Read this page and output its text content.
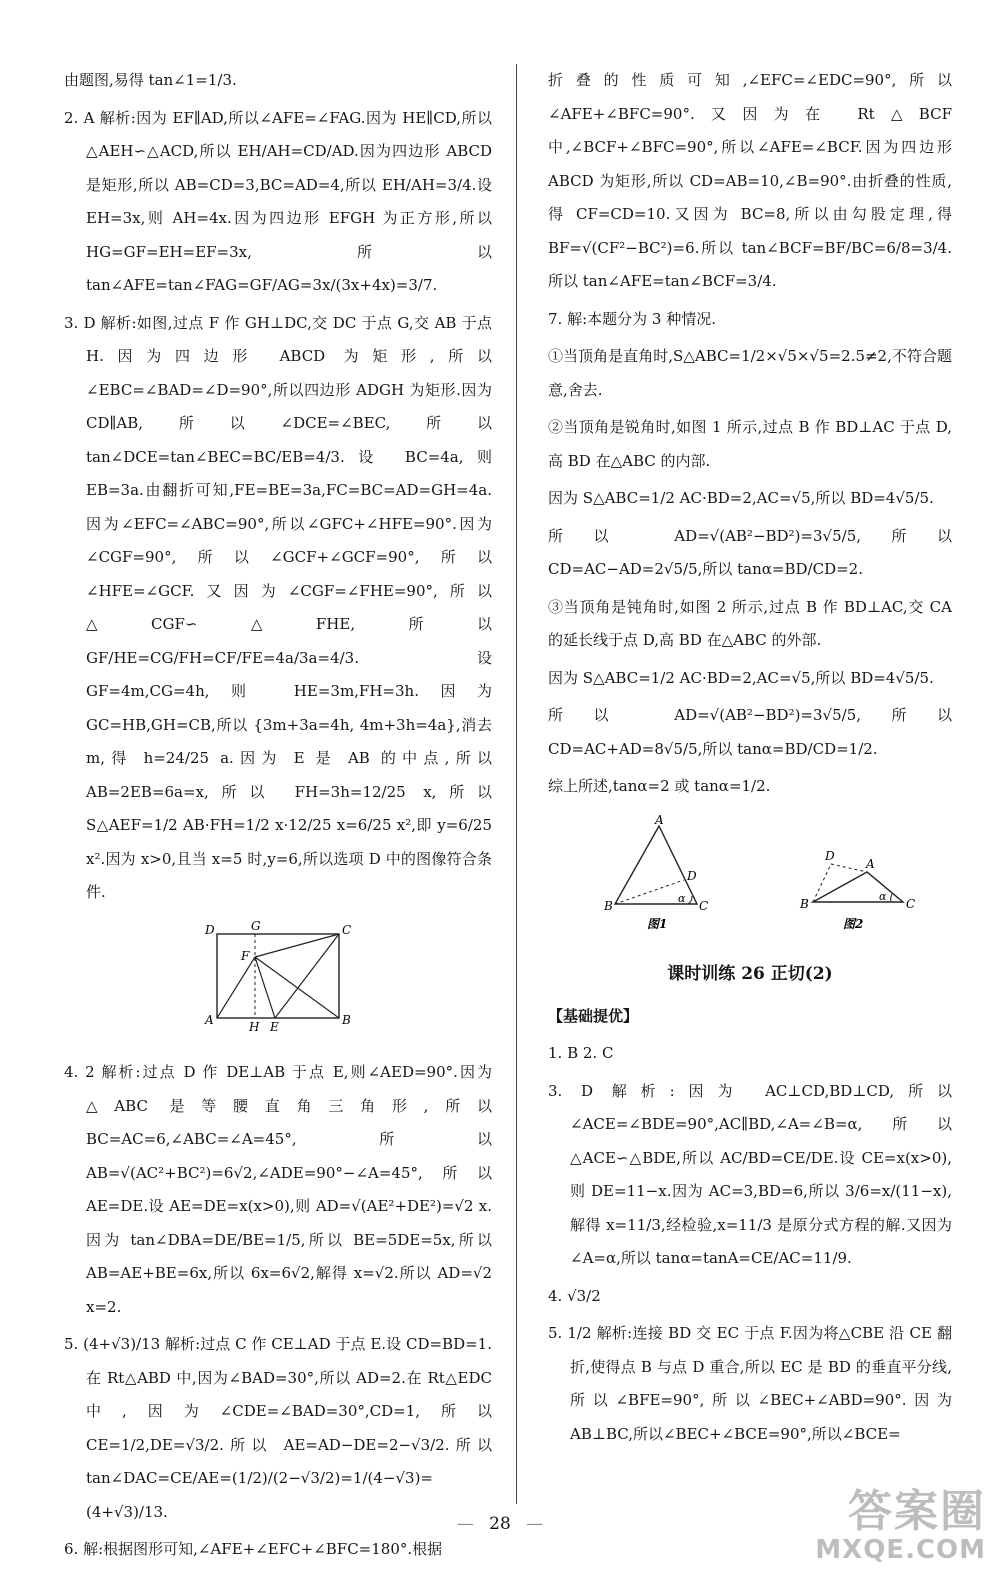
由题图,易得 tan∠1=1/3.

2. A 解析:因为 EF∥AD,所以∠AFE=∠FAG.因为 HE∥CD,所以△AEH∽△ACD,所以 EH/AH=CD/AD.因为四边形 ABCD 是矩形,所以 AB=CD=3,BC=AD=4,所以 EH/AH=3/4.设 EH=3x,则 AH=4x.因为四边形 EFGH 为正方形,所以 HG=GF=EH=EF=3x,所以 tan∠AFE=tan∠FAG=GF/AG=3x/(3x+4x)=3/7.

3. D 解析:如图,过点 F 作 GH⊥DC,交 DC 于点 G,交 AB 于点 H.因为四边形 ABCD 为矩形,所以∠EBC=∠BAD=∠D=90°,所以四边形 ADGH 为矩形.因为 CD∥AB,所以∠DCE=∠BEC,所以 tan∠DCE=tan∠BEC=BC/EB=4/3.设 BC=4a,则 EB=3a.由翻折可知,FE=BE=3a,FC=BC=AD=GH=4a.因为∠EFC=∠ABC=90°,所以∠GFC+∠HFE=90°.因为∠CGF=90°,所以∠GCF+∠GCF=90°,所以∠HFE=∠GCF.又因为∠CGF=∠FHE=90°,所以△CGF∽△FHE,所以 GF/HE=CG/FH=CF/FE=4a/3a=4/3.设 GF=4m,CG=4h,则 HE=3m,FH=3h.因为 GC=HB,GH=CB,所以 {3m+3a=4h, 4m+3h=4a},消去 m,得 h=24/25 a.因为 E 是 AB 的中点,所以 AB=2EB=6a=x,所以 FH=3h=12/25 x,所以 S△AEF=1/2 AB·FH=1/2 x·12/25 x=6/25 x²,即 y=6/25 x².因为 x>0,且当 x=5 时,y=6,所以选项 D 中的图像符合条件.

D	G	C
F
A	H E	B

4. 2 解析:过点 D 作 DE⊥AB 于点 E,则∠AED=90°.因为△ABC 是等腰直角三角形,所以 BC=AC=6,∠ABC=∠A=45°,所以 AB=√(AC²+BC²)=6√2,∠ADE=90°−∠A=45°,所以 AE=DE.设 AE=DE=x(x>0),则 AD=√(AE²+DE²)=√2 x.因为 tan∠DBA=DE/BE=1/5,所以 BE=5DE=5x,所以 AB=AE+BE=6x,所以 6x=6√2,解得 x=√2.所以 AD=√2 x=2.

5. (4+√3)/13 解析:过点 C 作 CE⊥AD 于点 E.设 CD=BD=1.在 Rt△ABD 中,因为∠BAD=30°,所以 AD=2.在 Rt△EDC 中,因为∠CDE=∠BAD=30°,CD=1,所以 CE=1/2,DE=√3/2.所以 AE=AD−DE=2−√3/2.所以 tan∠DAC=CE/AE=(1/2)/(2−√3/2)=1/(4−√3)=(4+√3)/13.

6. 解:根据图形可知,∠AFE+∠EFC+∠BFC=180°.根据

折叠的性质可知,∠EFC=∠EDC=90°,所以∠AFE+∠BFC=90°.又因为在 Rt△BCF 中,∠BCF+∠BFC=90°,所以∠AFE=∠BCF.因为四边形 ABCD 为矩形,所以 CD=AB=10,∠B=90°.由折叠的性质,得 CF=CD=10.又因为 BC=8,所以由勾股定理,得 BF=√(CF²−BC²)=6.所以 tan∠BCF=BF/BC=6/8=3/4.所以 tan∠AFE=tan∠BCF=3/4.

7. 解:本题分为 3 种情况.

①当顶角是直角时,S△ABC=1/2×√5×√5=2.5≠2,不符合题意,舍去.

②当顶角是锐角时,如图 1 所示,过点 B 作 BD⊥AC 于点 D,高 BD 在△ABC 的内部.

因为 S△ABC=1/2 AC·BD=2,AC=√5,所以 BD=4√5/5.

所以 AD=√(AB²−BD²)=3√5/5,所以 CD=AC−AD=2√5/5,所以 tanα=BD/CD=2.

③当顶角是钝角时,如图 2 所示,过点 B 作 BD⊥AC,交 CA 的延长线于点 D,高 BD 在△ABC 的外部.

因为 S△ABC=1/2 AC·BD=2,AC=√5,所以 BD=4√5/5.

所以 AD=√(AB²−BD²)=3√5/5,所以 CD=AC+AD=8√5/5,所以 tanα=BD/CD=1/2.

综上所述,tanα=2 或 tanα=1/2.

A
D
B
α
C
图1
D
A
B
α
C
图2
课时训练 26 正切(2)

【基础提优】

1. B 2. C

3. D 解析:因为 AC⊥CD,BD⊥CD,所以∠ACE=∠BDE=90°,AC∥BD,∠A=∠B=α,所以△ACE∽△BDE,所以 AC/BD=CE/DE.设 CE=x(x>0),则 DE=11−x.因为 AC=3,BD=6,所以 3/6=x/(11−x),解得 x=11/3,经检验,x=11/3 是原分式方程的解.又因为∠A=α,所以 tanα=tanA=CE/AC=11/9.

4. √3/2

5. 1/2 解析:连接 BD 交 EC 于点 F.因为将△CBE 沿 CE 翻折,使得点 B 与点 D 重合,所以 EC 是 BD 的垂直平分线,所以∠BFE=90°,所以∠BEC+∠ABD=90°.因为 AB⊥BC,所以∠BEC+∠BCE=90°,所以∠BCE=

— 28 —	答案圈
MXQE.COM
